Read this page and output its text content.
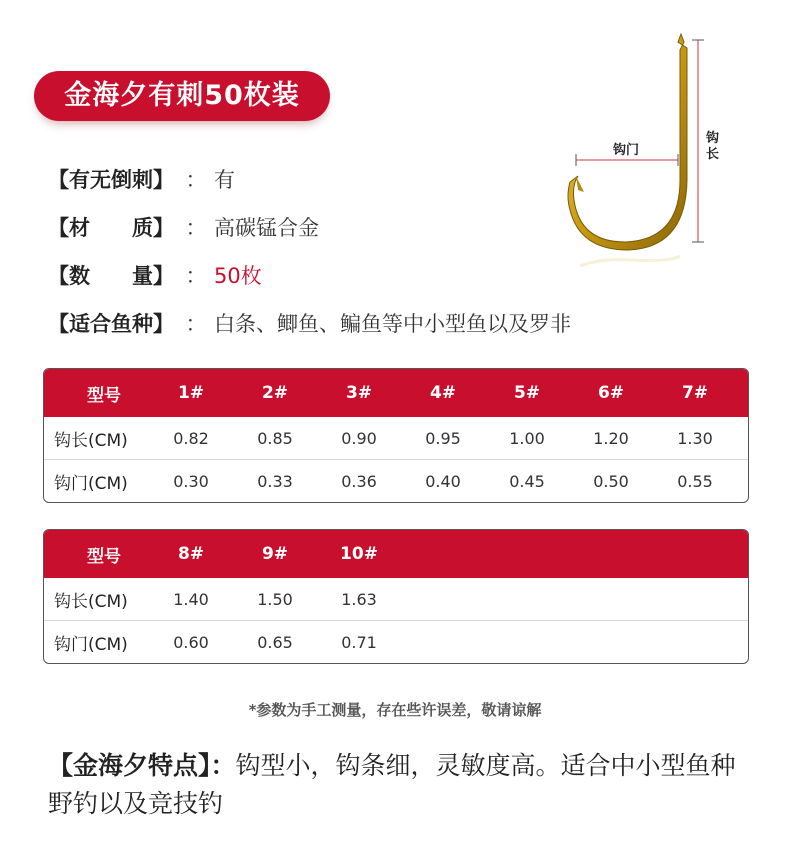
金海夕有刺50枚装
【有无倒刺】 ： 有
【材　　质】 ： 高碳锰合金
【数　　量】 ： 50枚
【适合鱼种】 ： 白条、鲫鱼、鳊鱼等中小型鱼以及罗非
钩门
钩
长
型号	1#	2#	3#	4#	5#	6#	7#
钩长(CM)	0.82	0.85	0.90	0.95	1.00	1.20	1.30
钩门(CM)	0.30	0.33	0.36	0.40	0.45	0.50	0.55
型号	8#	9#	10#
钩长(CM)	1.40	1.50	1.63
钩门(CM)	0.60	0.65	0.71
*参数为手工测量，存在些许误差，敬请谅解
【金海夕特点】：钩型小，钩条细，灵敏度高。适合中小型鱼种野钓以及竞技钓
